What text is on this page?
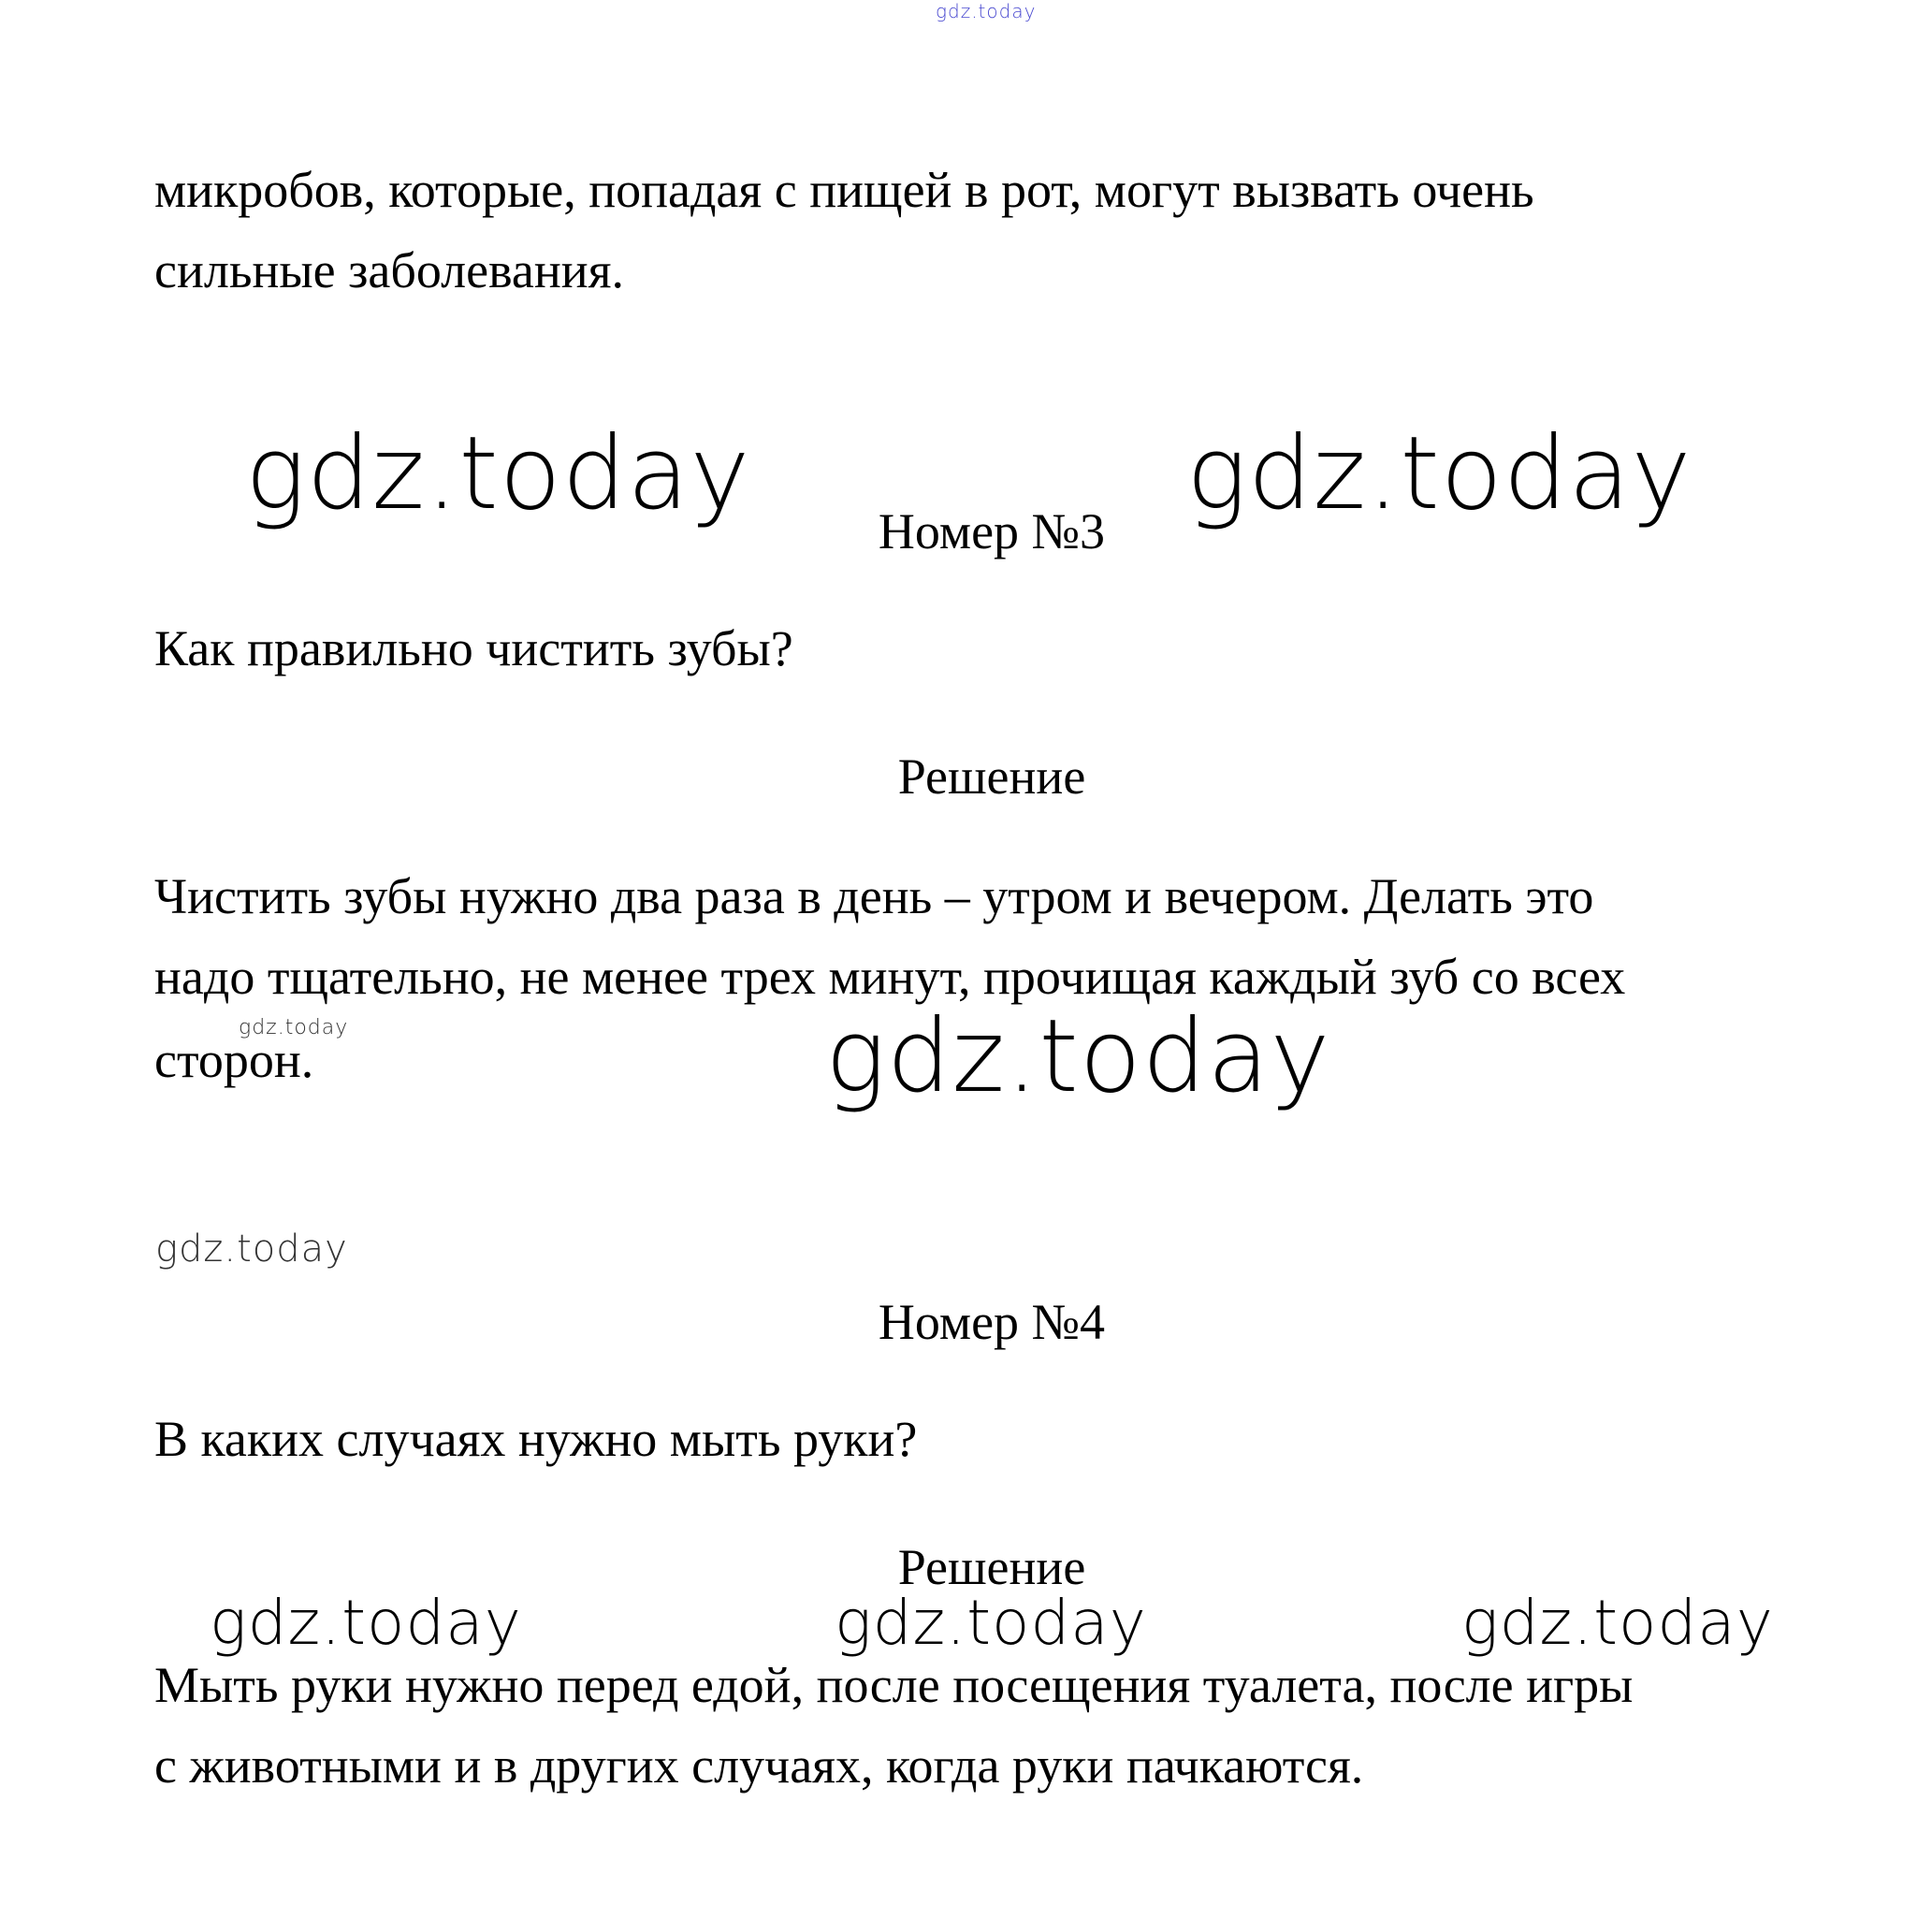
gdz.today

микробов, которые, попадая с пищей в рот, могут вызвать очень

сильные заболевания.

gdz.today	gdz.today
Номер №3

Как правильно чистить зубы?

Решение

Чистить зубы нужно два раза в день – утром и вечером. Делать это

надо тщательно, не менее трех минут, прочищая каждый зуб со всех

gdz.today

сторон.	gdz.today
gdz.today
Номер №4

В каких случаях нужно мыть руки?

Решение
gdz.today	gdz.today	gdz.today

Мыть руки нужно перед едой, после посещения туалета, после игры

с животными и в других случаях, когда руки пачкаются.
